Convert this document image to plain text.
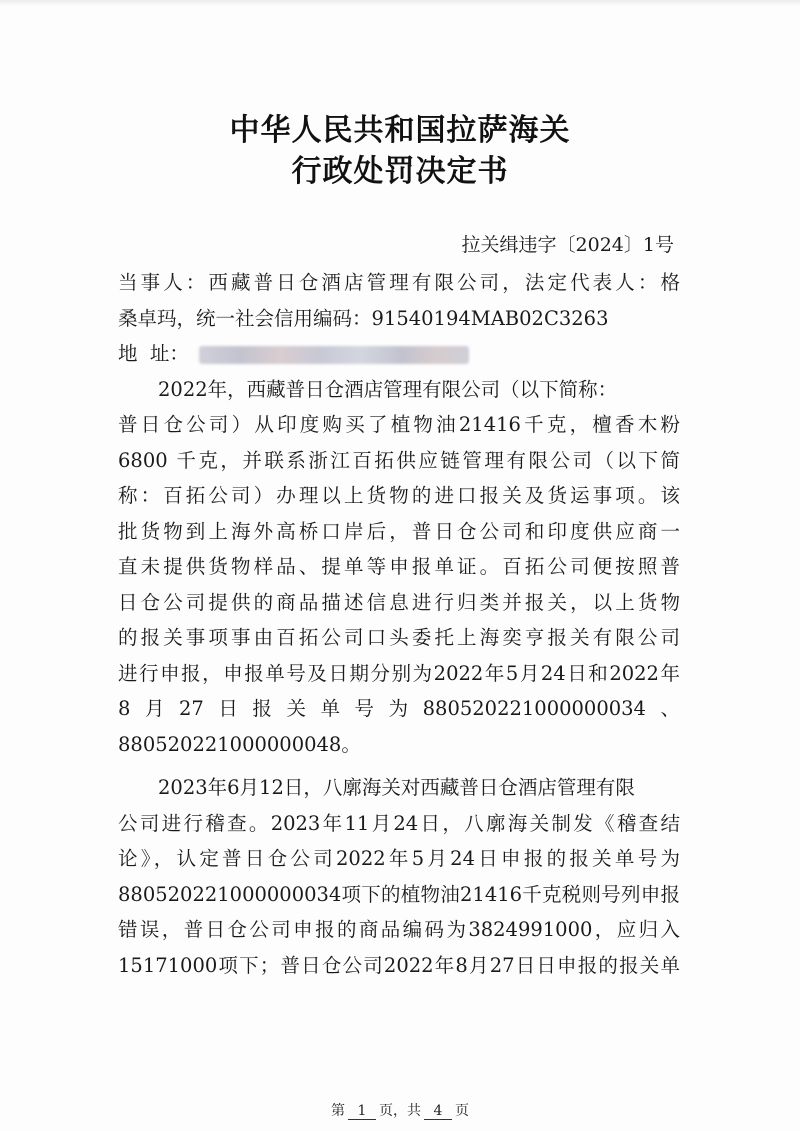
中华人民共和国拉萨海关
行政处罚决定书
拉关缉违字〔2024〕1号
当事人：西藏普日仓酒店管理有限公司，法定代表人：格
桑卓玛，统一社会信用编码：91540194MAB02C3263
地  址：
2022年，西藏普日仓酒店管理有限公司（以下简称：
普日仓公司）从印度购买了植物油21416千克，檀香木粉
6800 千克，并联系浙江百拓供应链管理有限公司（以下简
称：百拓公司）办理以上货物的进口报关及货运事项。该
批货物到上海外高桥口岸后，普日仓公司和印度供应商一
直未提供货物样品、提单等申报单证。百拓公司便按照普
日仓公司提供的商品描述信息进行归类并报关，以上货物
的报关事项事由百拓公司口头委托上海奕亨报关有限公司
进行申报，申报单号及日期分别为2022年5月24日和2022年
8月27日报关单号为880520221000000034、
880520221000000048。
2023年6月12日，八廓海关对西藏普日仓酒店管理有限
公司进行稽查。2023年11月24日，八廓海关制发《稽查结
论》，认定普日仓公司2022年5月24日申报的报关单号为
880520221000000034项下的植物油21416千克税则号列申报
错误，普日仓公司申报的商品编码为3824991000，应归入
15171000项下；普日仓公司2022年8月27日日申报的报关单
第 1 页，共 4 页
